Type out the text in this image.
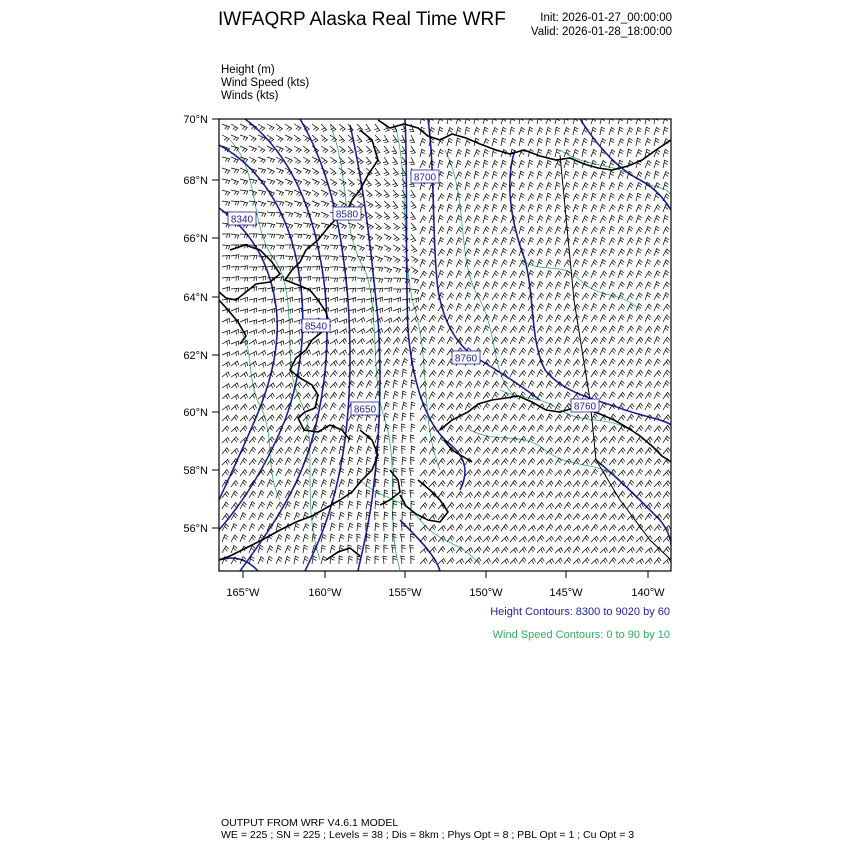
IWFAQRP Alaska Real Time WRF	Init: 2026-01-27_00:00:00
Valid: 2026-01-28_18:00:00
Height (m)
Wind Speed (kts)
Winds (kts)
8340	8580
8700
8540
8760
8650	8760
70°N
68°N
66°N
64°N
62°N
60°N
58°N
56°N
165°W	160°W	155°W	150°W	145°W	140°W
Height Contours: 8300 to 9020 by 60
Wind Speed Contours: 0 to 90 by 10
OUTPUT FROM WRF V4.6.1 MODEL
WE = 225 ; SN = 225 ; Levels = 38 ; Dis = 8km ; Phys Opt = 8 ; PBL Opt = 1 ; Cu Opt = 3
